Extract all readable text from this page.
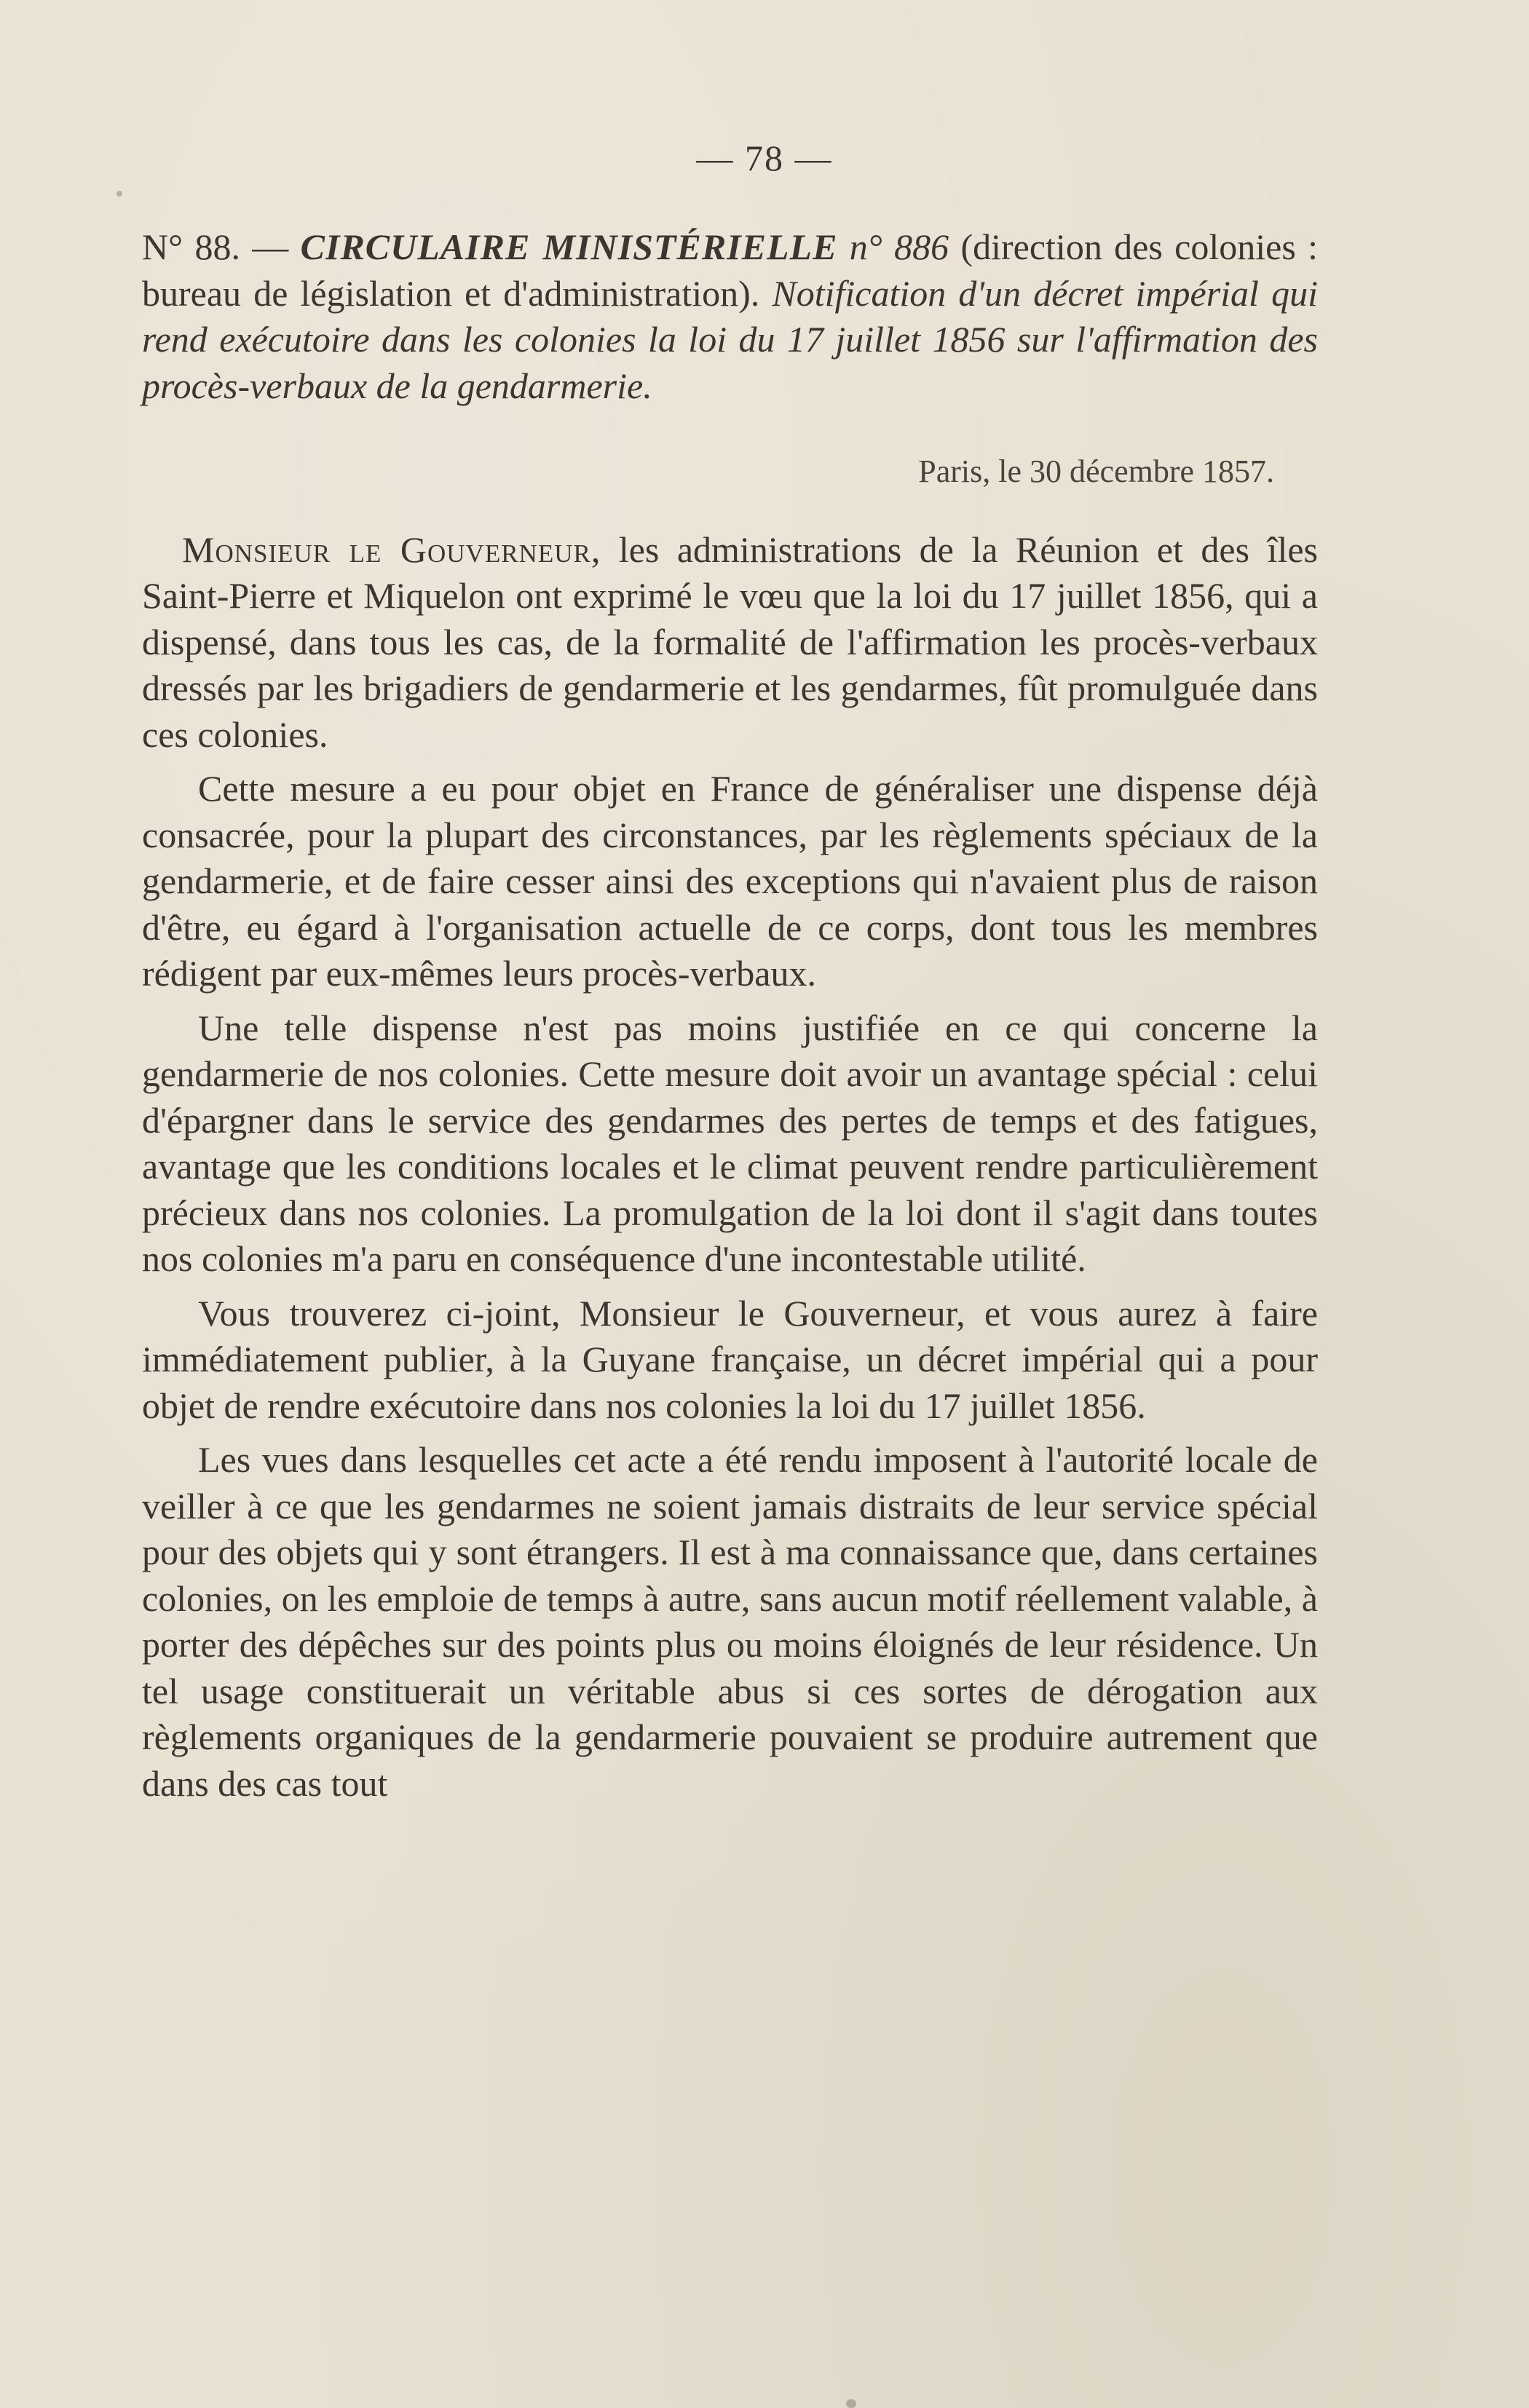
— 78 —

N° 88. — CIRCULAIRE MINISTÉRIELLE n° 886 (direction des colonies : bureau de législation et d'administration). Notification d'un décret impérial qui rend exécutoire dans les colonies la loi du 17 juillet 1856 sur l'affirmation des procès-verbaux de la gendarmerie.

Paris, le 30 décembre 1857.

Monsieur le Gouverneur, les administrations de la Réunion et des îles Saint-Pierre et Miquelon ont exprimé le vœu que la loi du 17 juillet 1856, qui a dispensé, dans tous les cas, de la formalité de l'affirmation les procès-verbaux dressés par les brigadiers de gendarmerie et les gendarmes, fût promulguée dans ces colonies.

Cette mesure a eu pour objet en France de généraliser une dispense déjà consacrée, pour la plupart des circonstances, par les règlements spéciaux de la gendarmerie, et de faire cesser ainsi des exceptions qui n'avaient plus de raison d'être, eu égard à l'organisation actuelle de ce corps, dont tous les membres rédigent par eux-mêmes leurs procès-verbaux.

Une telle dispense n'est pas moins justifiée en ce qui concerne la gendarmerie de nos colonies. Cette mesure doit avoir un avantage spécial : celui d'épargner dans le service des gendarmes des pertes de temps et des fatigues, avantage que les conditions locales et le climat peuvent rendre particulièrement précieux dans nos colonies. La promulgation de la loi dont il s'agit dans toutes nos colonies m'a paru en conséquence d'une incontestable utilité.

Vous trouverez ci-joint, Monsieur le Gouverneur, et vous aurez à faire immédiatement publier, à la Guyane française, un décret impérial qui a pour objet de rendre exécutoire dans nos colonies la loi du 17 juillet 1856.

Les vues dans lesquelles cet acte a été rendu imposent à l'autorité locale de veiller à ce que les gendarmes ne soient jamais distraits de leur service spécial pour des objets qui y sont étrangers. Il est à ma connaissance que, dans certaines colonies, on les emploie de temps à autre, sans aucun motif réellement valable, à porter des dépêches sur des points plus ou moins éloignés de leur résidence. Un tel usage constituerait un véritable abus si ces sortes de dérogation aux règlements organiques de la gendarmerie pouvaient se produire autrement que dans des cas tout
